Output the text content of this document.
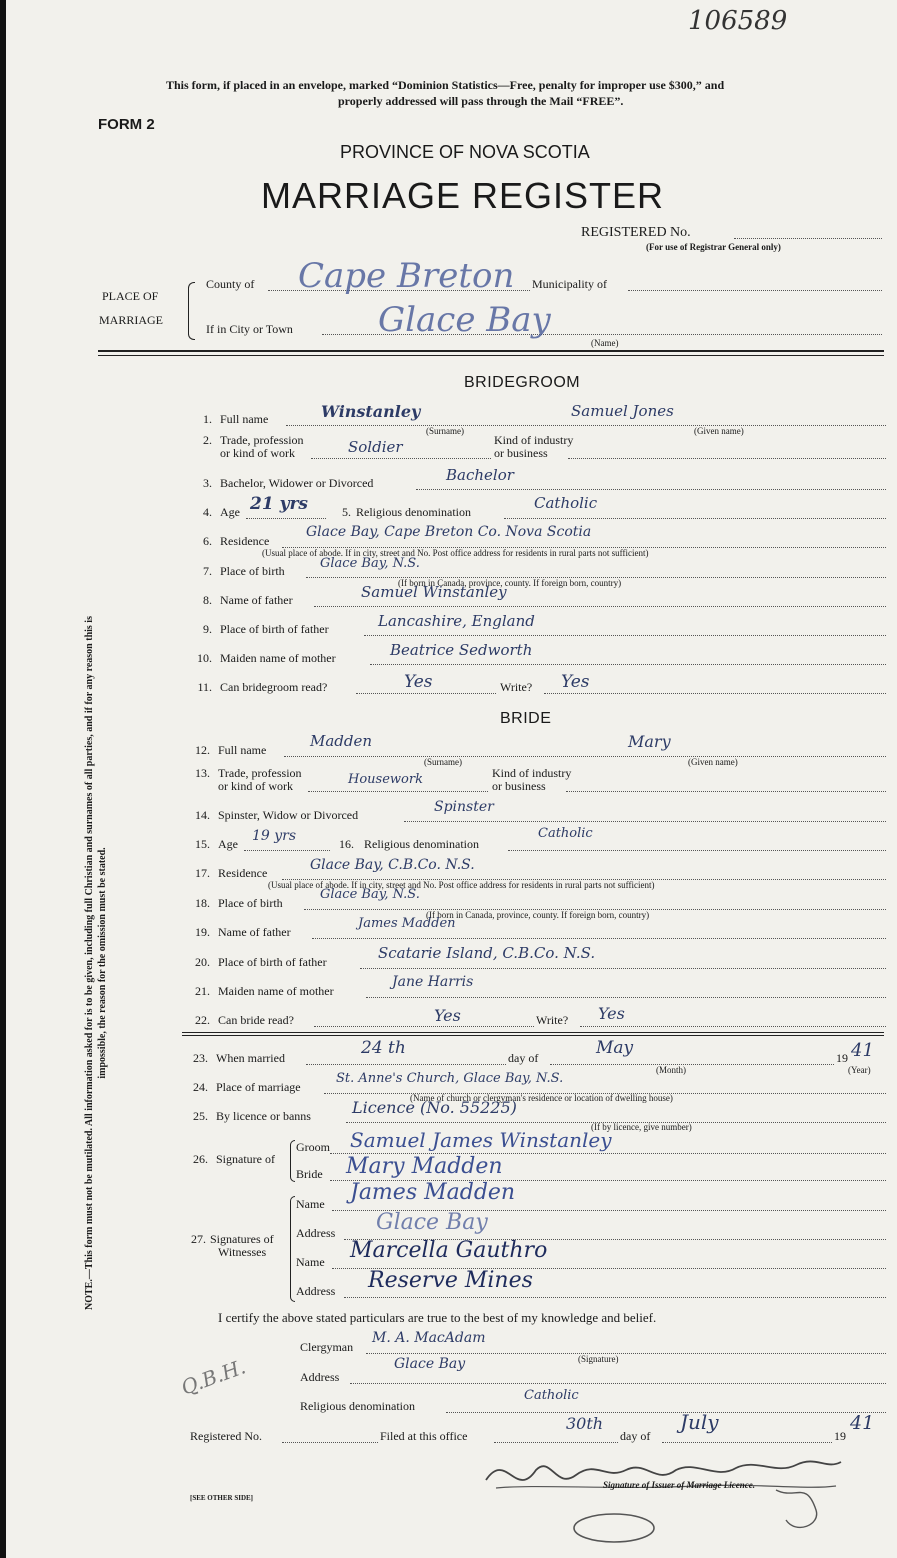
106589
This form, if placed in an envelope, marked “Dominion Statistics—Free, penalty for improper use $300,” and
properly addressed will pass through the Mail “FREE”.
FORM 2
PROVINCE OF NOVA SCOTIA
MARRIAGE REGISTER
REGISTERED No.
(For use of Registrar General only)
PLACE OF
MARRIAGE
County of Cape Breton Municipality of
If in City or Town	Glace Bay
(Name)
BRIDEGROOM
1. Full name	Winstanley
(Surname)
Samuel Jones
(Given name)
2. Trade, profession
or kind of work	Soldier	Kind of industry
or business
3. Bachelor, Widower or Divorced	Bachelor
4. Age 21 yrs	5. Religious denomination	Catholic
6. Residence
Glace Bay, Cape Breton Co. Nova Scotia
(Usual place of abode. If in city, street and No. Post office address for residents in rural parts not sufficient)
7. Place of birth	Glace Bay, N.S.
(If born in Canada, province, county. If foreign born, country)
8. Name of father	Samuel Winstanley
9. Place of birth of father	Lancashire, England
10. Maiden name of mother	Beatrice Sedworth
11. Can bridegroom read?	Yes	Write? Yes
BRIDE
12. Full name	Madden
(Surname)
Mary
(Given name)
13. Trade, profession
or kind of work	Housework	Kind of industry
or business
14. Spinster, Widow or Divorced	Spinster
15. Age 19 yrs	16. Religious denomination
Catholic
17. Residence	Glace Bay, C.B.Co. N.S.
(Usual place of abode. If in city, street and No. Post office address for residents in rural parts not sufficient)
18. Place of birth
Glace Bay, N.S.
(If born in Canada, province, county. If foreign born, country)
19. Name of father
James Madden
20. Place of birth of father	Scatarie Island, C.B.Co. N.S.
21. Maiden name of mother
Jane Harris
22. Can bride read?	Yes	Write? Yes
23. When married	24 th	day of	May
(Month)
19 41
(Year)
24. Place of marriage
St. Anne's Church, Glace Bay, N.S.
(Name of church or clergyman's residence or location of dwelling house)
25. By licence or banns	Licence (No. 55225)
(If by licence, give number)
26. Signature of
Groom Samuel James Winstanley
Bride Mary Madden
27. Signatures of
Witnesses
Name James Madden
Address Glace Bay
Name Marcella Gauthro
Address Reserve Mines
I certify the above stated particulars are true to the best of my knowledge and belief.
Clergyman
M. A. MacAdam
(Signature)
Address
Glace Bay
Religious denomination
Catholic
Registered No.	Filed at this office
30th
day of
July
19
41
Signature of Issuer of Marriage Licence.
[SEE OTHER SIDE]
NOTE.—This form must not be mutilated. All information asked for is to be given, including full Christian and surnames of all parties, and if for any reason this is impossible, the reason for the omission must be stated.
Q.B.H.
